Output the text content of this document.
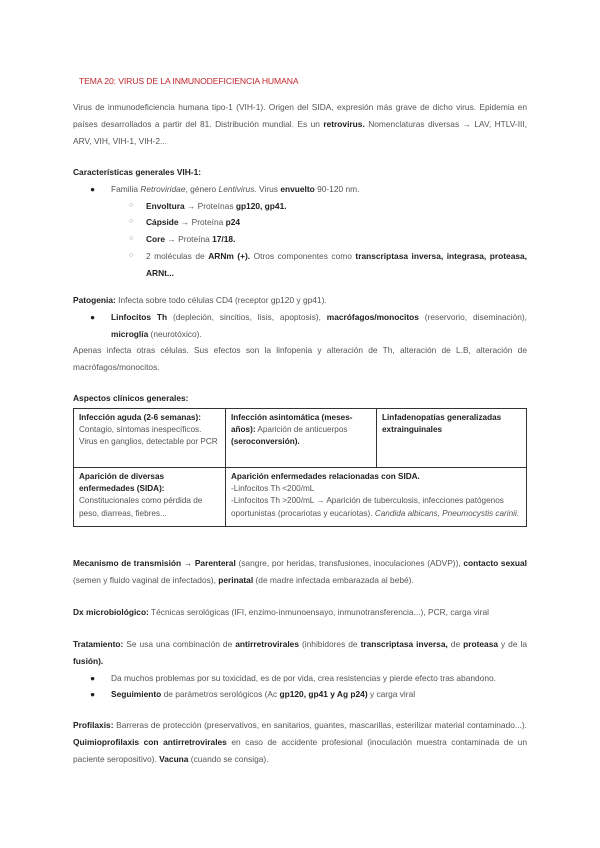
TEMA 20: VIRUS DE LA INMUNODEFICIENCIA HUMANA
Virus de inmunodeficiencia humana tipo-1 (VIH-1). Origen del SIDA, expresión más grave de dicho virus. Epidemia en países desarrollados a partir del 81. Distribución mundial. Es un retrovirus. Nomenclaturas diversas → LAV, HTLV-III, ARV, VIH, VIH-1, VIH-2...
Características generales VIH-1:
● Familia Retroviridae, género Lentivirus. Virus envuelto 90-120 nm.
○ Envoltura → Proteínas gp120, gp41.
○ Cápside → Proteína p24
○ Core → Proteína 17/18.
○ 2 moléculas de ARNm (+). Otros componentes como transcriptasa inversa, integrasa, proteasa, ARNt...
Patogenia: Infecta sobre todo células CD4 (receptor gp120 y gp41).
● Linfocitos Th (depleción, sincitios, lisis, apoptosis), macrófagos/monocitos (reservorio, diseminación), microglía (neurotóxico).
Apenas infecta otras células. Sus efectos son la linfopenia y alteración de Th, alteración de L.B, alteración de macrófagos/monocitos.
Aspectos clínicos generales:
Infección aguda (2-6 semanas): Contagio, síntomas inespecíficos. Virus en ganglios, detectable por PCR	Infección asintomática (meses-años): Aparición de anticuerpos (seroconversión).	Linfadenopatías generalizadas extrainguinales
Aparición de diversas enfermedades (SIDA): Constitucionales como pérdida de peso, diarreas, fiebres...	Aparición enfermedades relacionadas con SIDA.
-Linfocitos Th <200/mL
-Linfocitos Th >200/mL → Aparición de tuberculosis, infecciones patógenos oportunistas (procariotas y eucariotas). Candida albicans, Pneumocystis carinii.	
Mecanismo de transmisión → Parenteral (sangre, por heridas, transfusiones, inoculaciones (ADVP)), contacto sexual (semen y fluido vaginal de infectados), perinatal (de madre infectada embarazada al bebé).
Dx microbiológico: Técnicas serológicas (IFI, enzimo-inmunoensayo, inmunotransferencia...), PCR, carga viral
Tratamiento: Se usa una combinación de antirretrovirales (inhibidores de transcriptasa inversa, de proteasa y de la fusión).
● Da muchos problemas por su toxicidad, es de por vida, crea resistencias y pierde efecto tras abandono.
● Seguimiento de parámetros serológicos (Ac gp120, gp41 y Ag p24) y carga viral
Profilaxis: Barreras de protección (preservativos, en sanitarios, guantes, mascarillas, esterilizar material contaminado...). Quimioprofilaxis con antirretrovirales en caso de accidente profesional (inoculación muestra contaminada de un paciente seropositivo). Vacuna (cuando se consiga).
